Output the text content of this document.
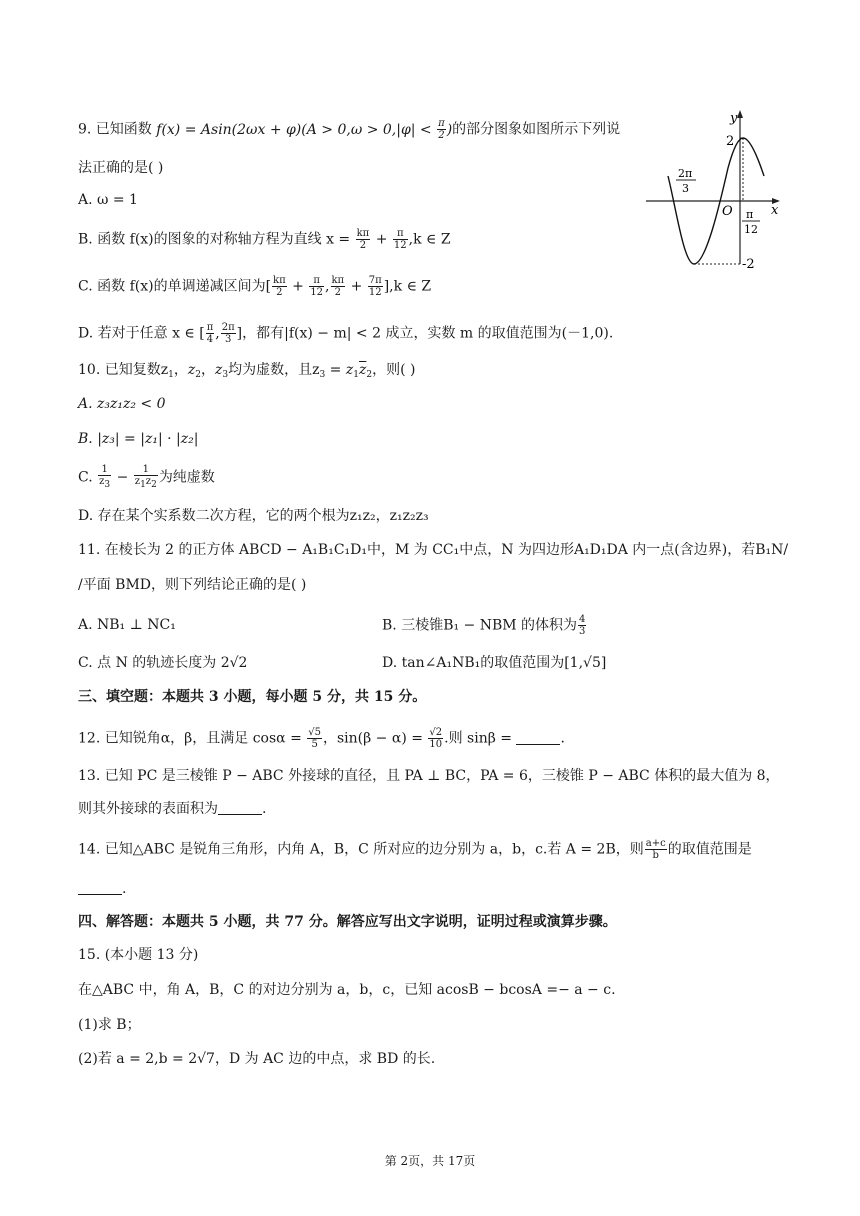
9. 已知函数 $f(x) = Asin(2\omega x + \varphi)(A > 0,\omega > 0,|\varphi| < \frac{\pi}{2}$ )的部分图象如图所示下列说
法正确的是( )
A. ω = 1
B. 函数 f(x)的图象的对称轴方程为直线 $x = \frac{k\pi}{2} + \frac{\pi}{12} ,k$ ∈ Z
C. 函数 f(x)的单调递减区间为[ $\frac{k\pi}{2} + \frac{\pi}{12}$ , $\frac{k\pi}{2} + \frac{7\pi}{12} ],k$ ∈ Z
D. 若对于任意 x ∈ [ $\frac{\pi}{4}$ , $\frac{2\pi}{3}$ ]，都有|f(x) − m| < 2 成立，实数 m 的取值范围为(－1,0).
y
x
O
2
-2
2π
3
π
12
10. 已知复数$z_1$，$z_2$，$z_3$均为虚数，且$z_3 = z_1\overline{z}_2$，则( )
A. z₃z₁z₂ < 0
B. |z₃| = |z₁| · |z₂|
C. $\frac{1}{z3} - \frac{1}{z1z2}$ 为纯虚数
D. 存在某个实系数二次方程，它的两个根为z₁z₂，z₁z₂z₃
11. 在棱长为 2 的正方体 ABCD − A₁B₁C₁D₁中，M 为 CC₁中点，N 为四边形A₁D₁DA 内一点(含边界)，若B₁N/
/平面 BMD，则下列结论正确的是( )
A. NB₁ ⊥ NC₁	B. 三棱锥B₁ − NBM 的体积为 $\frac{4}{3}$
C. 点 N 的轨迹长度为 2√2	D. tan∠A₁NB₁的取值范围为[1,√5]
三、填空题：本题共 3 小题，每小题 5 分，共 15 分。
12. 已知锐角α，β，且满足 $\cos\alpha = \frac{√5}{5}$ ，$\sin(\beta - \alpha) = \frac{√2}{10}$ .则 sinβ =	.
13. 已知 PC 是三棱锥 P − ABC 外接球的直径，且 PA ⊥ BC，PA = 6，三棱锥 P − ABC 体积的最大值为 8，
则其外接球的表面积为	.
14. 已知△ABC 是锐角三角形，内角 A，B，C 所对应的边分别为 a，b，c.若 A = 2B，则 $\frac{a+c}{b}$ 的取值范围是
.
四、解答题：本题共 5 小题，共 77 分。解答应写出文字说明，证明过程或演算步骤。
15. (本小题 13 分)
在△ABC 中，角 A，B，C 的对边分别为 a，b，c，已知 acosB − bcosA =− a − c.
(1)求 B；
(2)若 a = 2,b = 2√7，D 为 AC 边的中点，求 BD 的长.
第 2页，共 17页
